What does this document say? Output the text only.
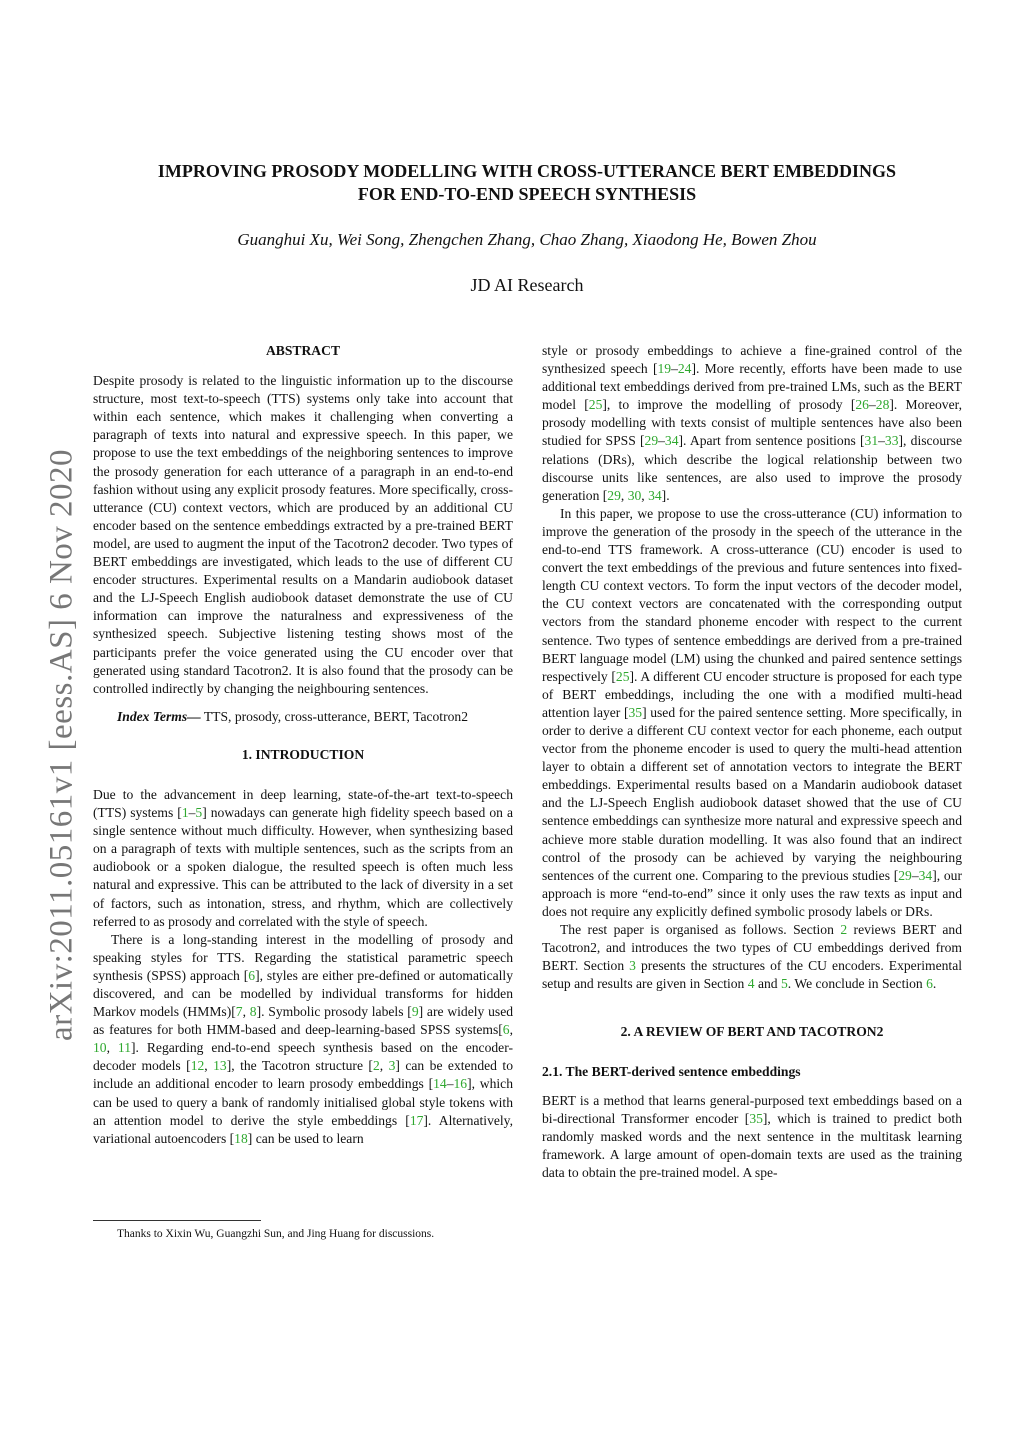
arXiv:2011.05161v1 [eess.AS] 6 Nov 2020
IMPROVING PROSODY MODELLING WITH CROSS-UTTERANCE BERT EMBEDDINGS
FOR END-TO-END SPEECH SYNTHESIS
Guanghui Xu, Wei Song, Zhengchen Zhang, Chao Zhang, Xiaodong He, Bowen Zhou
JD AI Research
ABSTRACT

Despite prosody is related to the linguistic information up to the discourse structure, most text-to-speech (TTS) systems only take into account that within each sentence, which makes it challenging when converting a paragraph of texts into natural and expressive speech. In this paper, we propose to use the text embeddings of the neighboring sentences to improve the prosody generation for each utterance of a paragraph in an end-to-end fashion without using any explicit prosody features. More specifically, cross-utterance (CU) context vectors, which are produced by an additional CU encoder based on the sentence embeddings extracted by a pre-trained BERT model, are used to augment the input of the Tacotron2 decoder. Two types of BERT embeddings are investigated, which leads to the use of different CU encoder structures. Experimental results on a Mandarin audiobook dataset and the LJ-Speech English audiobook dataset demonstrate the use of CU information can improve the naturalness and expressiveness of the synthesized speech. Subjective listening testing shows most of the participants prefer the voice generated using the CU encoder over that generated using standard Tacotron2. It is also found that the prosody can be controlled indirectly by changing the neighbouring sentences.

Index Terms— TTS, prosody, cross-utterance, BERT, Tacotron2

1. INTRODUCTION

Due to the advancement in deep learning, state-of-the-art text-to-speech (TTS) systems [1–5] nowadays can generate high fidelity speech based on a single sentence without much difficulty. However, when synthesizing based on a paragraph of texts with multiple sentences, such as the scripts from an audiobook or a spoken dialogue, the resulted speech is often much less natural and expressive. This can be attributed to the lack of diversity in a set of factors, such as intonation, stress, and rhythm, which are collectively referred to as prosody and correlated with the style of speech.

There is a long-standing interest in the modelling of prosody and speaking styles for TTS. Regarding the statistical parametric speech synthesis (SPSS) approach [6], styles are either pre-defined or automatically discovered, and can be modelled by individual transforms for hidden Markov models (HMMs)[7, 8]. Symbolic prosody labels [9] are widely used as features for both HMM-based and deep-learning-based SPSS systems[6, 10, 11]. Regarding end-to-end speech synthesis based on the encoder-decoder models [12, 13], the Tacotron structure [2, 3] can be extended to include an additional encoder to learn prosody embeddings [14–16], which can be used to query a bank of randomly initialised global style tokens with an attention model to derive the style embeddings [17]. Alternatively, variational autoencoders [18] can be used to learn

Thanks to Xixin Wu, Guangzhi Sun, and Jing Huang for discussions.

style or prosody embeddings to achieve a fine-grained control of the synthesized speech [19–24]. More recently, efforts have been made to use additional text embeddings derived from pre-trained LMs, such as the BERT model [25], to improve the modelling of prosody [26–28]. Moreover, prosody modelling with texts consist of multiple sentences have also been studied for SPSS [29–34]. Apart from sentence positions [31–33], discourse relations (DRs), which describe the logical relationship between two discourse units like sentences, are also used to improve the prosody generation [29, 30, 34].

In this paper, we propose to use the cross-utterance (CU) information to improve the generation of the prosody in the speech of the utterance in the end-to-end TTS framework. A cross-utterance (CU) encoder is used to convert the text embeddings of the previous and future sentences into fixed-length CU context vectors. To form the input vectors of the decoder model, the CU context vectors are concatenated with the corresponding output vectors from the standard phoneme encoder with respect to the current sentence. Two types of sentence embeddings are derived from a pre-trained BERT language model (LM) using the chunked and paired sentence settings respectively [25]. A different CU encoder structure is proposed for each type of BERT embeddings, including the one with a modified multi-head attention layer [35] used for the paired sentence setting. More specifically, in order to derive a different CU context vector for each phoneme, each output vector from the phoneme encoder is used to query the multi-head attention layer to obtain a different set of annotation vectors to integrate the BERT embeddings. Experimental results based on a Mandarin audiobook dataset and the LJ-Speech English audiobook dataset showed that the use of CU sentence embeddings can synthesize more natural and expressive speech and achieve more stable duration modelling. It was also found that an indirect control of the prosody can be achieved by varying the neighbouring sentences of the current one. Comparing to the previous studies [29–34], our approach is more “end-to-end” since it only uses the raw texts as input and does not require any explicitly defined symbolic prosody labels or DRs.

The rest paper is organised as follows. Section 2 reviews BERT and Tacotron2, and introduces the two types of CU embeddings derived from BERT. Section 3 presents the structures of the CU encoders. Experimental setup and results are given in Section 4 and 5. We conclude in Section 6.

2. A REVIEW OF BERT AND TACOTRON2
2.1. The BERT-derived sentence embeddings

BERT is a method that learns general-purposed text embeddings based on a bi-directional Transformer encoder [35], which is trained to predict both randomly masked words and the next sentence in the multitask learning framework. A large amount of open-domain texts are used as the training data to obtain the pre-trained model. A spe-
